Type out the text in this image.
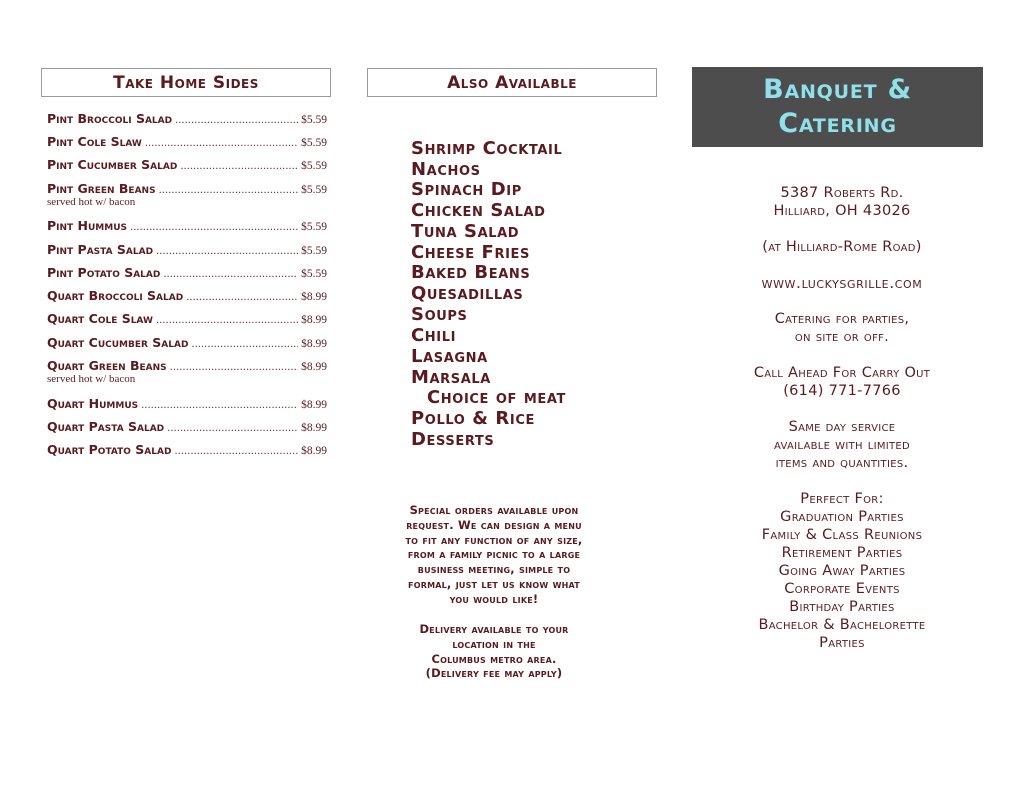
Take Home Sides
Pint Broccoli Salad .....	$5.59
Pint Cole Slaw .....	$5.59
Pint Cucumber Salad .....	$5.59
Pint Green Beans .....	$5.59
served hot w/ bacon
Pint Hummus .....	$5.59
Pint Pasta Salad .....	$5.59
Pint Potato Salad .....	$5.59
Quart Broccoli Salad .....	$8.99
Quart Cole Slaw .....	$8.99
Quart Cucumber Salad .....	$8.99
Quart Green Beans .....	$8.99
served hot w/ bacon
Quart Hummus .....	$8.99
Quart Pasta Salad .....	$8.99
Quart Potato Salad .....	$8.99
Also Available
Shrimp Cocktail
Nachos
Spinach Dip
Chicken Salad
Tuna Salad
Cheese Fries
Baked Beans
Quesadillas
Soups
Chili
Lasagna
Marsala
Choice of meat
Pollo & Rice
Desserts
Special orders available upon
request. We can design a menu
to fit any function of any size,
from a family picnic to a large
business meeting, simple to
formal, just let us know what
you would like!
Delivery available to your
location in the
Columbus metro area.
(Delivery fee may apply)
Banquet &
Catering
5387 Roberts Rd.
Hilliard, OH 43026
(at Hilliard-Rome Road)
www.luckysgrille.com
Catering for parties,
on site or off.
Call Ahead For Carry Out
(614) 771-7766
Same day service
available with limited
items and quantities.
Perfect For:
Graduation Parties
Family & Class Reunions
Retirement Parties
Going Away Parties
Corporate Events
Birthday Parties
Bachelor & Bachelorette
Parties
